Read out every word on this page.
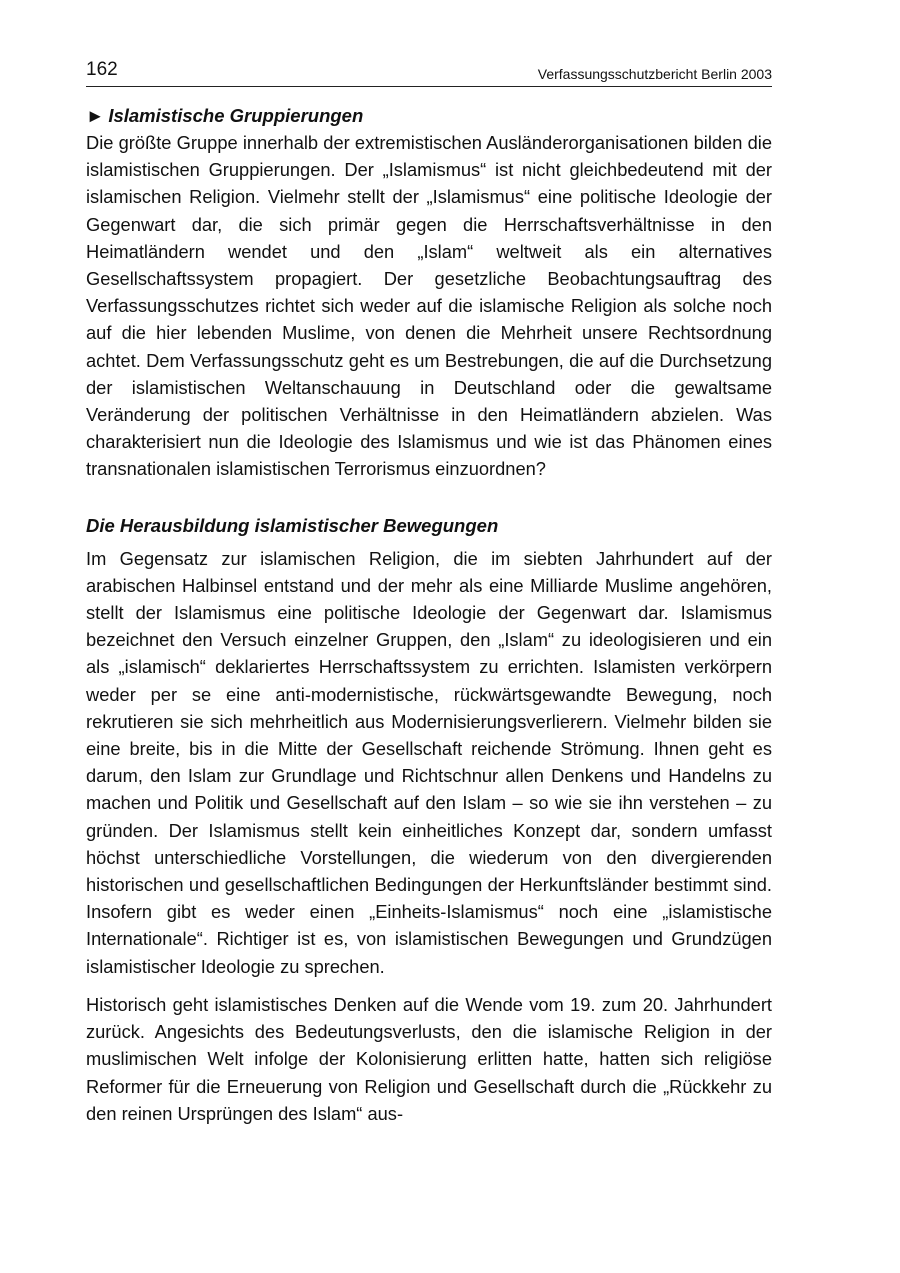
162	Verfassungsschutzbericht Berlin 2003
► Islamistische Gruppierungen

Die größte Gruppe innerhalb der extremistischen Ausländerorganisationen bilden die islamistischen Gruppierungen. Der „Islamismus“ ist nicht gleichbedeutend mit der islamischen Religion. Vielmehr stellt der „Islamismus“ eine politische Ideologie der Gegenwart dar, die sich primär gegen die Herrschaftsverhältnisse in den Heimatländern wendet und den „Islam“ weltweit als ein alternatives Gesellschaftssystem propagiert. Der gesetzliche Beobachtungsauftrag des Verfassungsschutzes richtet sich weder auf die islamische Religion als solche noch auf die hier lebenden Muslime, von denen die Mehrheit unsere Rechtsordnung achtet. Dem Verfassungsschutz geht es um Bestrebungen, die auf die Durchsetzung der islamistischen Weltanschauung in Deutschland oder die gewaltsame Veränderung der politischen Verhältnisse in den Heimatländern abzielen. Was charakterisiert nun die Ideologie des Islamismus und wie ist das Phänomen eines transnationalen islamistischen Terrorismus einzuordnen?

Die Herausbildung islamistischer Bewegungen

Im Gegensatz zur islamischen Religion, die im siebten Jahrhundert auf der arabischen Halbinsel entstand und der mehr als eine Milliarde Muslime angehören, stellt der Islamismus eine politische Ideologie der Gegenwart dar. Islamismus bezeichnet den Versuch einzelner Gruppen, den „Islam“ zu ideologisieren und ein als „islamisch“ deklariertes Herrschaftssystem zu errichten. Islamisten verkörpern weder per se eine anti-modernistische, rückwärtsgewandte Bewegung, noch rekrutieren sie sich mehrheitlich aus Modernisierungsverlierern. Vielmehr bilden sie eine breite, bis in die Mitte der Gesellschaft reichende Strömung. Ihnen geht es darum, den Islam zur Grundlage und Richtschnur allen Denkens und Handelns zu machen und Politik und Gesellschaft auf den Islam – so wie sie ihn verstehen – zu gründen. Der Islamismus stellt kein einheitliches Konzept dar, sondern umfasst höchst unterschiedliche Vorstellungen, die wiederum von den divergierenden historischen und gesellschaftlichen Bedingungen der Herkunftsländer bestimmt sind. Insofern gibt es weder einen „Einheits-Islamismus“ noch eine „islamistische Internationale“. Richtiger ist es, von islamistischen Bewegungen und Grundzügen islamistischer Ideologie zu sprechen.

Historisch geht islamistisches Denken auf die Wende vom 19. zum 20. Jahrhundert zurück. Angesichts des Bedeutungsverlusts, den die islamische Religion in der muslimischen Welt infolge der Kolonisierung erlitten hatte, hatten sich religiöse Reformer für die Erneuerung von Religion und Gesellschaft durch die „Rückkehr zu den reinen Ursprüngen des Islam“ aus-
